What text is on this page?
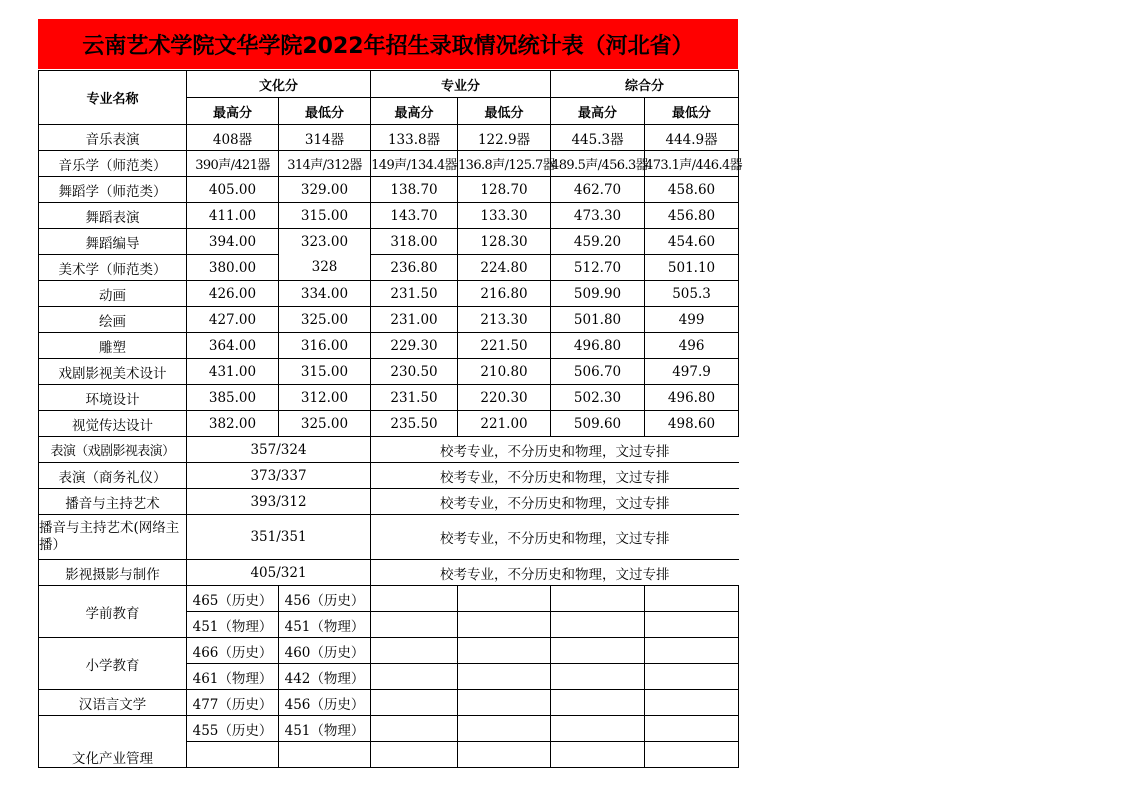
云南艺术学院文华学院2022年招生录取情况统计表（河北省）
专业名称	文化分		专业分		综合分	
	最高分	最低分	最高分	最低分	最高分	最低分
音乐表演	408器	314器	133.8器	122.9器	445.3器	444.9器
音乐学（师范类）	390声/421器	314声/312器	149声/134.4器	136.8声/125.7器	489.5声/456.3器	473.1声/446.4器
舞蹈学（师范类）	405.00	329.00	138.70	128.70	462.70	458.60
舞蹈表演	411.00	315.00	143.70	133.30	473.30	456.80
舞蹈编导	394.00	323.00	318.00	128.30	459.20	454.60
美术学（师范类）	380.00	328	236.80	224.80	512.70	501.10
动画	426.00	334.00	231.50	216.80	509.90	505.3
绘画	427.00	325.00	231.00	213.30	501.80	499
雕塑	364.00	316.00	229.30	221.50	496.80	496
戏剧影视美术设计	431.00	315.00	230.50	210.80	506.70	497.9
环境设计	385.00	312.00	231.50	220.30	502.30	496.80
视觉传达设计	382.00	325.00	235.50	221.00	509.60	498.60
表演（戏剧影视表演）	357/324		校考专业，不分历史和物理，文过专排			
表演（商务礼仪）	373/337		校考专业，不分历史和物理，文过专排			
播音与主持艺术	393/312		校考专业，不分历史和物理，文过专排			
播音与主持艺术(网络主播）	351/351		校考专业，不分历史和物理，文过专排			
影视摄影与制作	405/321		校考专业，不分历史和物理，文过专排			
学前教育	465（历史）	456（历史）				
	451（物理）	451（物理）				
小学教育	466（历史）	460（历史）				
	461（物理）	442（物理）				
汉语言文学	477（历史）	456（历史）				
文化产业管理	455（历史）	451（物理）				
